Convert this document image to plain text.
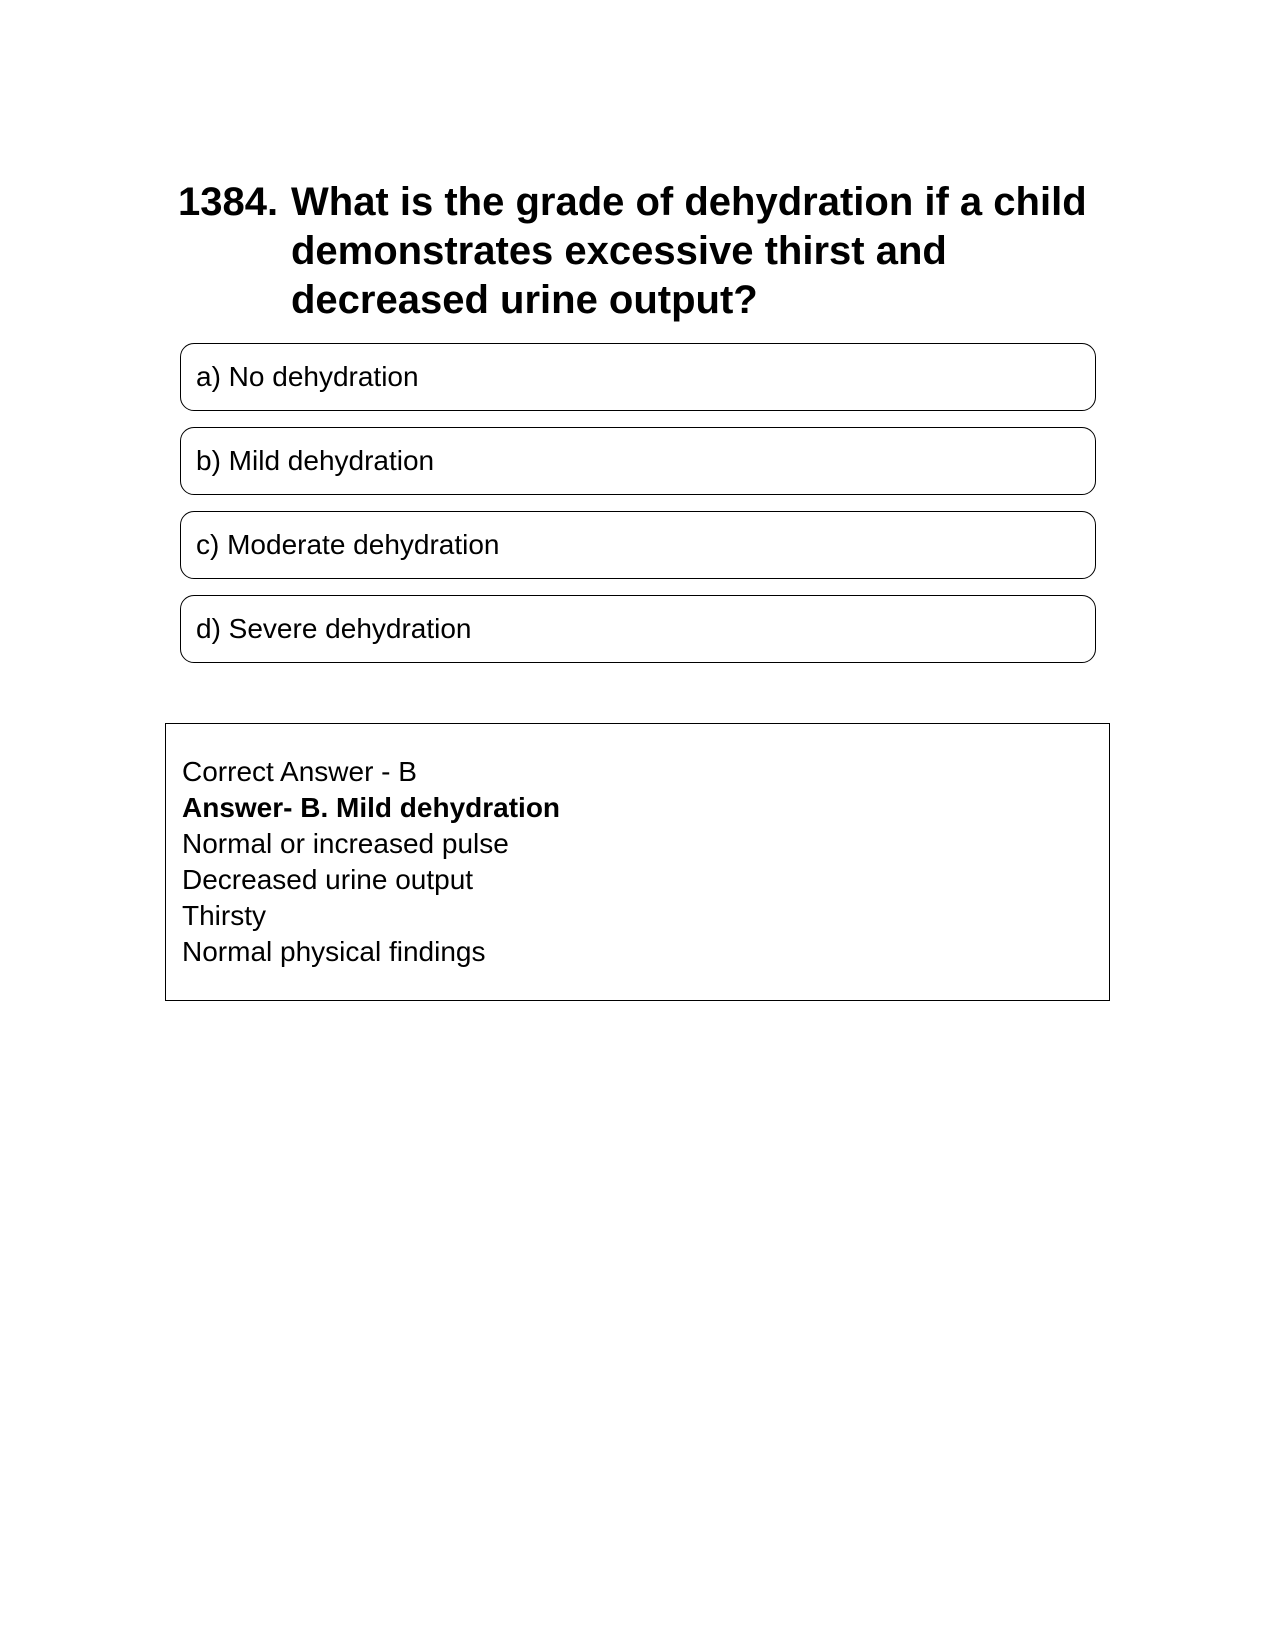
1384. What is the grade of dehydration if a child demonstrates excessive thirst and decreased urine output?
a) No dehydration
b) Mild dehydration
c) Moderate dehydration
d) Severe dehydration
Correct Answer - B
Answer- B. Mild dehydration
Normal or increased pulse
Decreased urine output
Thirsty
Normal physical findings
